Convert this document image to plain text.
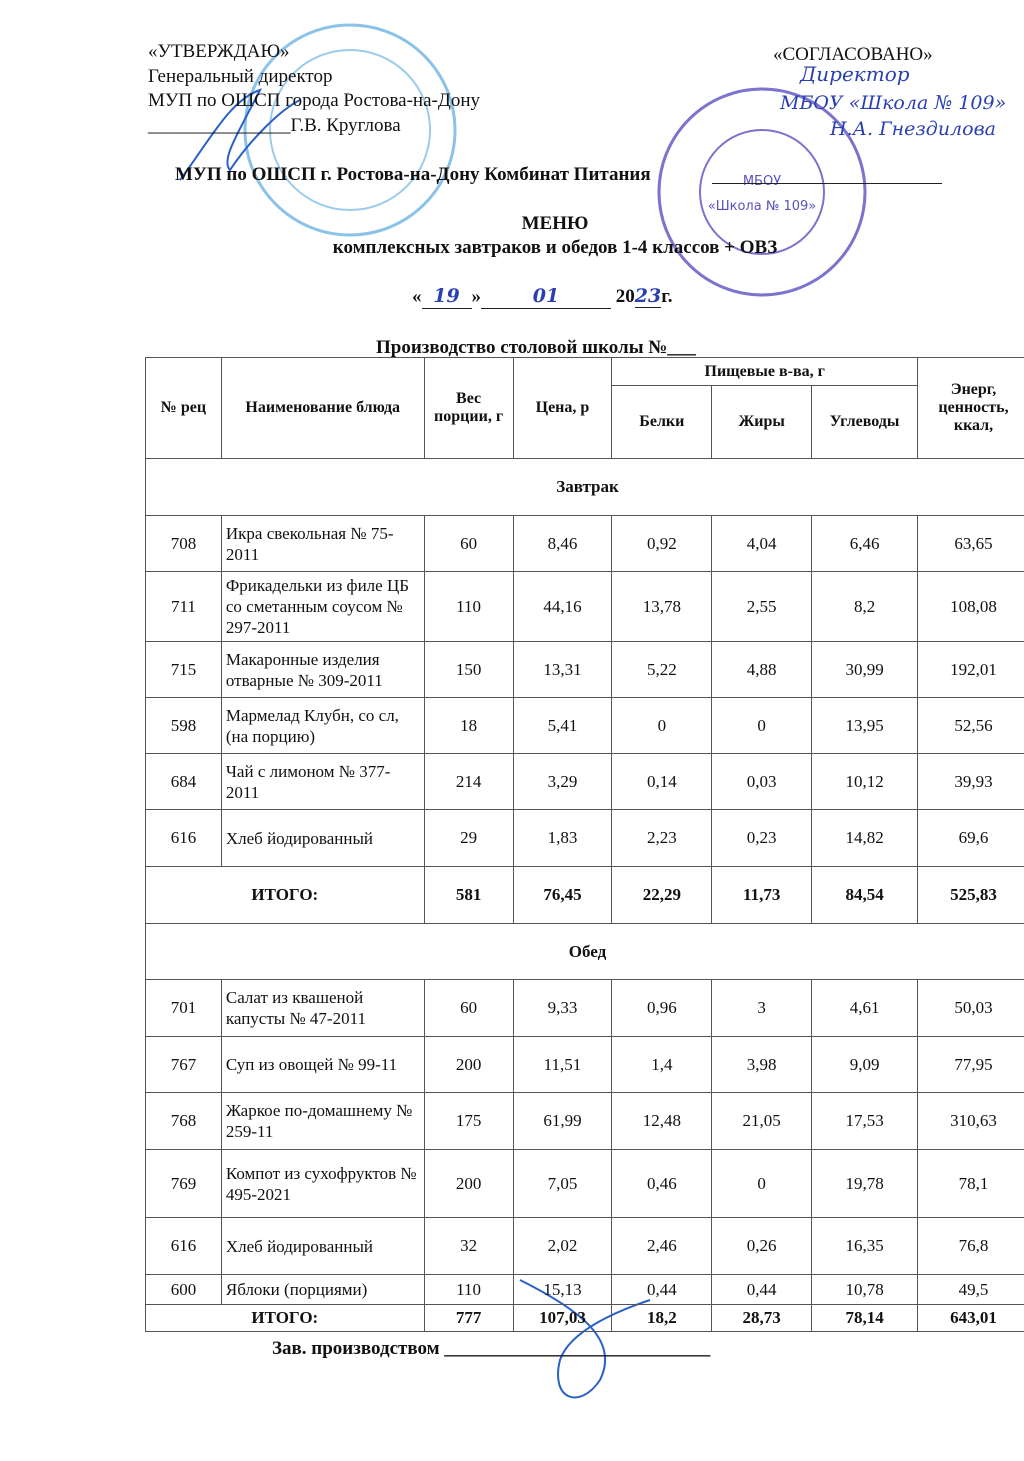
МБОУ
«Школа № 109»
«УТВЕРЖДАЮ»
Генеральный директор
МУП по ОШСП города Ростова-на-Дону
_______________Г.В. Круглова
«СОГЛАСОВАНО»
Директор
МБОУ «Школа № 109»
Н.А. Гнездилова
МУП по ОШСП г. Ростова-на-Дону Комбинат Питания
МЕНЮ
комплексных завтраков и обедов 1-4 классов + ОВЗ
« 19 »	01	2023г.
Производство столовой школы №___
№ рец	Наименование блюда	Вес порции, г	Цена, р	Пищевые в-ва, г			Энерг, ценность, ккал,
				Белки	Жиры	Углеводы	
Завтрак							
708	Икра свекольная № 75-2011	60	8,46	0,92	4,04	6,46	63,65
711	Фрикадельки из филе ЦБ со сметанным соусом № 297-2011	110	44,16	13,78	2,55	8,2	108,08
715	Макаронные изделия отварные № 309-2011	150	13,31	5,22	4,88	30,99	192,01
598	Мармелад Клубн, со сл, (на порцию)	18	5,41	0	0	13,95	52,56
684	Чай с лимоном № 377-2011	214	3,29	0,14	0,03	10,12	39,93
616	Хлеб йодированный	29	1,83	2,23	0,23	14,82	69,6
ИТОГО:		581	76,45	22,29	11,73	84,54	525,83
Обед							
701	Салат из квашеной капусты № 47-2011	60	9,33	0,96	3	4,61	50,03
767	Суп из овощей № 99-11	200	11,51	1,4	3,98	9,09	77,95
768	Жаркое по-домашнему № 259-11	175	61,99	12,48	21,05	17,53	310,63
769	Компот из сухофруктов № 495-2021	200	7,05	0,46	0	19,78	78,1
616	Хлеб йодированный	32	2,02	2,46	0,26	16,35	76,8
600	Яблоки (порциями)	110	15,13	0,44	0,44	10,78	49,5
ИТОГО:		777	107,03	18,2	28,73	78,14	643,01
Зав. производством ____________________________
